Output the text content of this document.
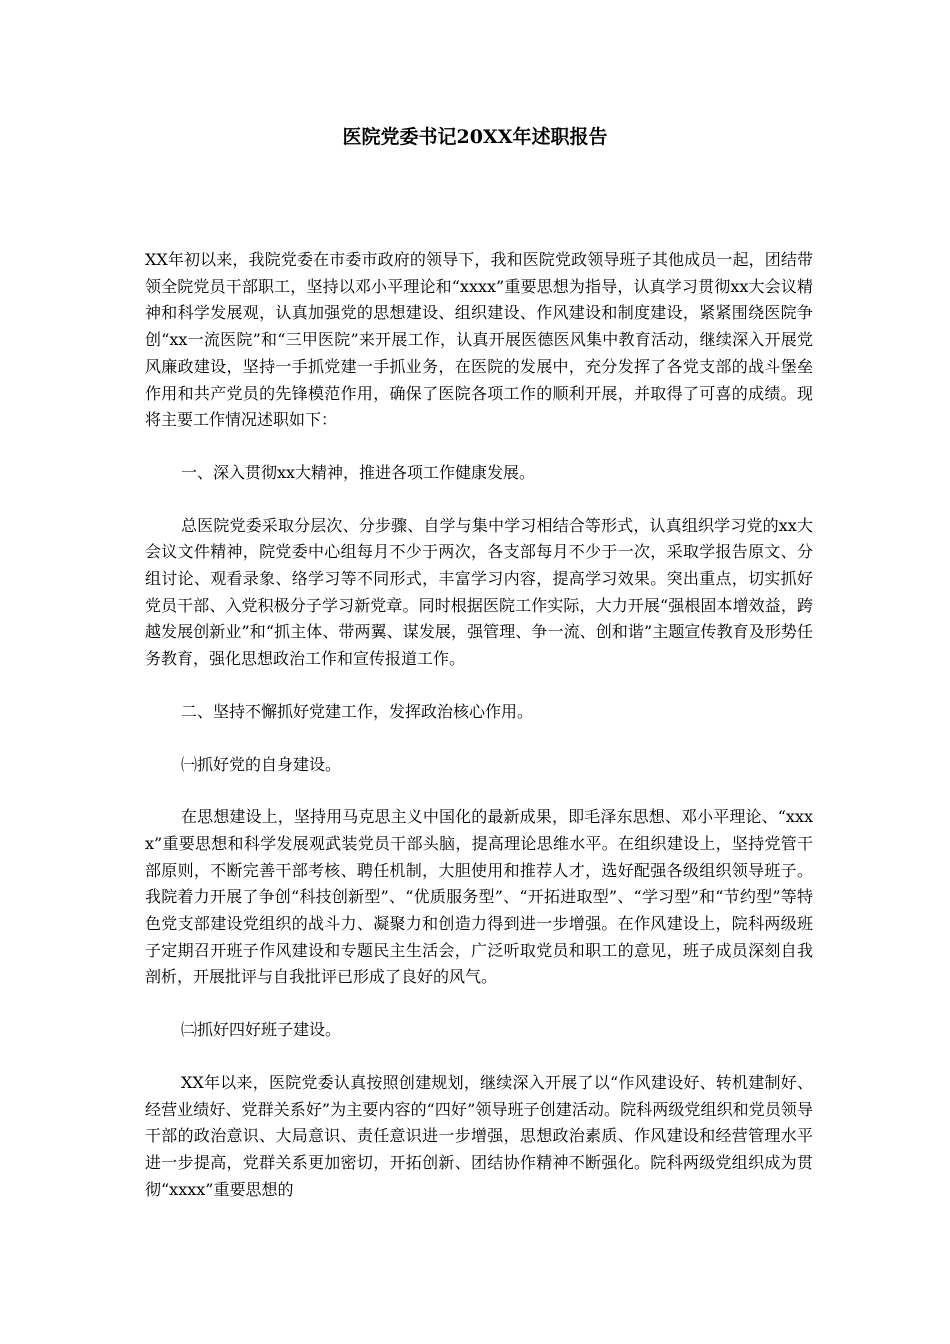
医院党委书记20XX年述职报告

XX年初以来，我院党委在市委市政府的领导下，我和医院党政领导班子其他成员一起，团结带领全院党员干部职工，坚持以邓小平理论和“xxxx”重要思想为指导，认真学习贯彻xx大会议精神和科学发展观，认真加强党的思想建设、组织建设、作风建设和制度建设，紧紧围绕医院争创“xx一流医院”和“三甲医院”来开展工作，认真开展医德医风集中教育活动，继续深入开展党风廉政建设，坚持一手抓党建一手抓业务，在医院的发展中，充分发挥了各党支部的战斗堡垒作用和共产党员的先锋模范作用，确保了医院各项工作的顺利开展，并取得了可喜的成绩。现将主要工作情况述职如下：

一、深入贯彻xx大精神，推进各项工作健康发展。

总医院党委采取分层次、分步骤、自学与集中学习相结合等形式，认真组织学习党的xx大会议文件精神，院党委中心组每月不少于两次，各支部每月不少于一次，采取学报告原文、分组讨论、观看录象、络学习等不同形式，丰富学习内容，提高学习效果。突出重点，切实抓好党员干部、入党积极分子学习新党章。同时根据医院工作实际，大力开展“强根固本增效益，跨越发展创新业”和“抓主体、带两翼、谋发展，强管理、争一流、创和谐”主题宣传教育及形势任务教育，强化思想政治工作和宣传报道工作。

二、坚持不懈抓好党建工作，发挥政治核心作用。

㈠抓好党的自身建设。

在思想建设上，坚持用马克思主义中国化的最新成果，即毛泽东思想、邓小平理论、“xxxx”重要思想和科学发展观武装党员干部头脑，提高理论思维水平。在组织建设上，坚持党管干部原则，不断完善干部考核、聘任机制，大胆使用和推荐人才，选好配强各级组织领导班子。我院着力开展了争创“科技创新型”、“优质服务型”、“开拓进取型”、“学习型”和“节约型”等特色党支部建设党组织的战斗力、凝聚力和创造力得到进一步增强。在作风建设上，院科两级班子定期召开班子作风建设和专题民主生活会，广泛听取党员和职工的意见，班子成员深刻自我剖析，开展批评与自我批评已形成了良好的风气。

㈡抓好四好班子建设。

XX年以来，医院党委认真按照创建规划，继续深入开展了以“作风建设好、转机建制好、经营业绩好、党群关系好”为主要内容的“四好”领导班子创建活动。院科两级党组织和党员领导干部的政治意识、大局意识、责任意识进一步增强，思想政治素质、作风建设和经营管理水平进一步提高，党群关系更加密切，开拓创新、团结协作精神不断强化。院科两级党组织成为贯彻“xxxx”重要思想的
